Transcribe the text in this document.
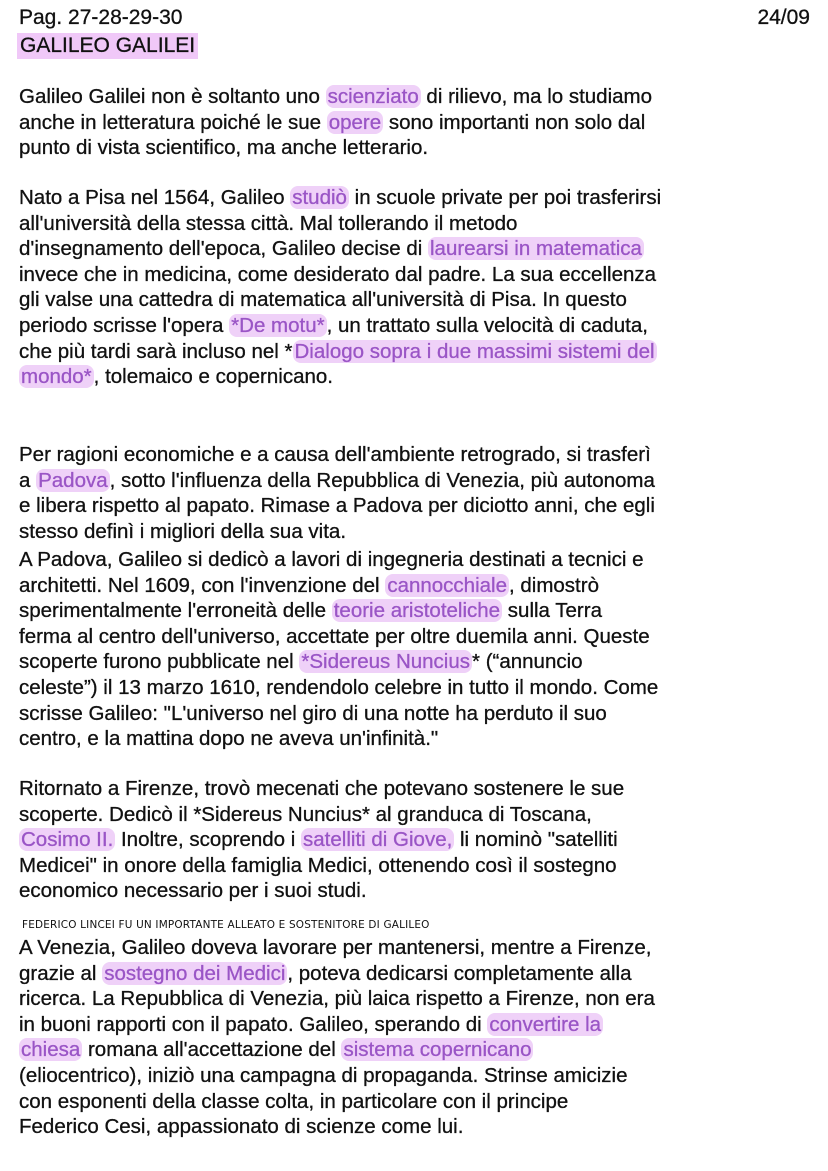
Pag. 27-28-29-30	24/09
GALILEO GALILEI
Galileo Galilei non è soltanto uno scienziato di rilievo, ma lo studiamo
anche in letteratura poiché le sue opere sono importanti non solo dal
punto di vista scientifico, ma anche letterario.
Nato a Pisa nel 1564, Galileo studiò in scuole private per poi trasferirsi
all'università della stessa città. Mal tollerando il metodo
d'insegnamento dell'epoca, Galileo decise di laurearsi in matematica
invece che in medicina, come desiderato dal padre. La sua eccellenza
gli valse una cattedra di matematica all'università di Pisa. In questo
periodo scrisse l'opera *De motu*, un trattato sulla velocità di caduta,
che più tardi sarà incluso nel *Dialogo sopra i due massimi sistemi del
mondo*, tolemaico e copernicano.
Per ragioni economiche e a causa dell'ambiente retrogrado, si trasferì
a Padova, sotto l'influenza della Repubblica di Venezia, più autonoma
e libera rispetto al papato. Rimase a Padova per diciotto anni, che egli
stesso definì i migliori della sua vita.
A Padova, Galileo si dedicò a lavori di ingegneria destinati a tecnici e
architetti. Nel 1609, con l'invenzione del cannocchiale, dimostrò
sperimentalmente l'erroneità delle teorie aristoteliche sulla Terra
ferma al centro dell'universo, accettate per oltre duemila anni. Queste
scoperte furono pubblicate nel *Sidereus Nuncius* (“annuncio
celeste”) il 13 marzo 1610, rendendolo celebre in tutto il mondo. Come
scrisse Galileo: "L'universo nel giro di una notte ha perduto il suo
centro, e la mattina dopo ne aveva un'infinità."
Ritornato a Firenze, trovò mecenati che potevano sostenere le sue
scoperte. Dedicò il *Sidereus Nuncius* al granduca di Toscana,
Cosimo II. Inoltre, scoprendo i satelliti di Giove, li nominò "satelliti
Medicei" in onore della famiglia Medici, ottenendo così il sostegno
economico necessario per i suoi studi.
FEDERICO LINCEI FU UN IMPORTANTE ALLEATO E SOSTENITORE DI GALILEO
A Venezia, Galileo doveva lavorare per mantenersi, mentre a Firenze,
grazie al sostegno dei Medici, poteva dedicarsi completamente alla
ricerca. La Repubblica di Venezia, più laica rispetto a Firenze, non era
in buoni rapporti con il papato. Galileo, sperando di convertire la
chiesa romana all'accettazione del sistema copernicano
(eliocentrico), iniziò una campagna di propaganda. Strinse amicizie
con esponenti della classe colta, in particolare con il principe
Federico Cesi, appassionato di scienze come lui.
